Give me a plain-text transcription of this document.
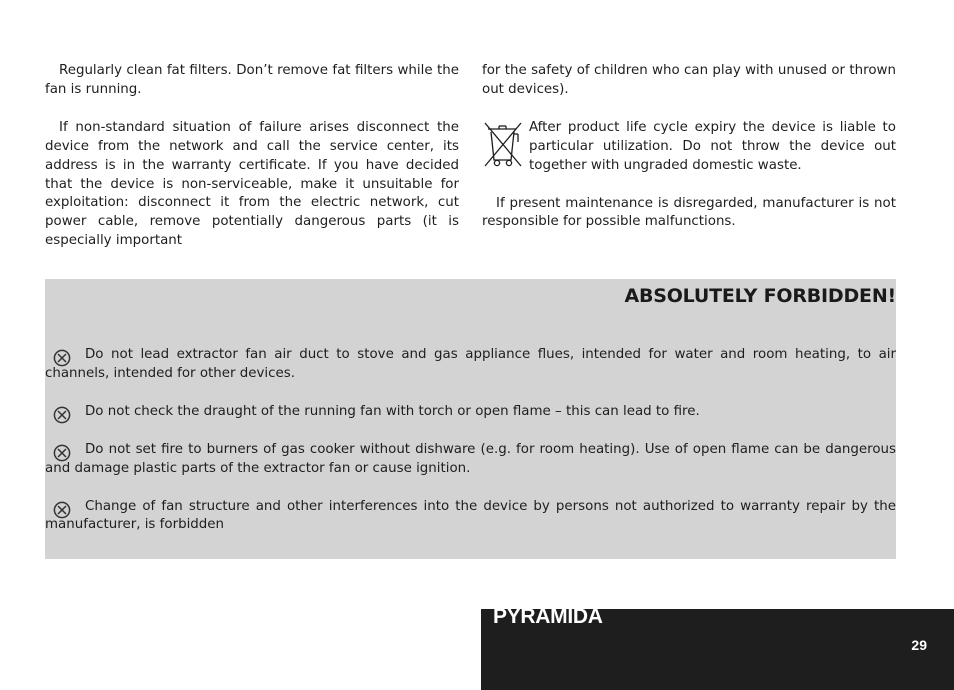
Regularly clean fat filters. Don’t remove fat filters while the fan is running.

If non-standard situation of failure arises disconnect the device from the network and call the service center, its address is in the warranty certificate. If you have decided that the device is non-serviceable, make it unsuitable for exploitation: disconnect it from the electric network, cut power cable, remove potentially dangerous parts (it is especially important

for the safety of children who can play with unused or thrown out devices).

After product life cycle expiry the device is liable to particular utilization. Do not throw the device out together with ungraded domestic waste.

If present maintenance is disregarded, manufacturer is not responsible for possible malfunctions.

ABSOLUTELY FORBIDDEN!

Do not lead extractor fan air duct to stove and gas appliance flues, intended for water and room heating, to air channels, intended for other devices.

Do not check the draught of the running fan with torch or open flame – this can lead to fire.

Do not set fire to burners of gas cooker without dishware (e.g. for room heating). Use of open flame can be dangerous and damage plastic parts of the extractor fan or cause ignition.

Change of fan structure and other interferences into the device by persons not authorized to warranty repair by the manufacturer, is forbidden

PYRAMIDA

29
